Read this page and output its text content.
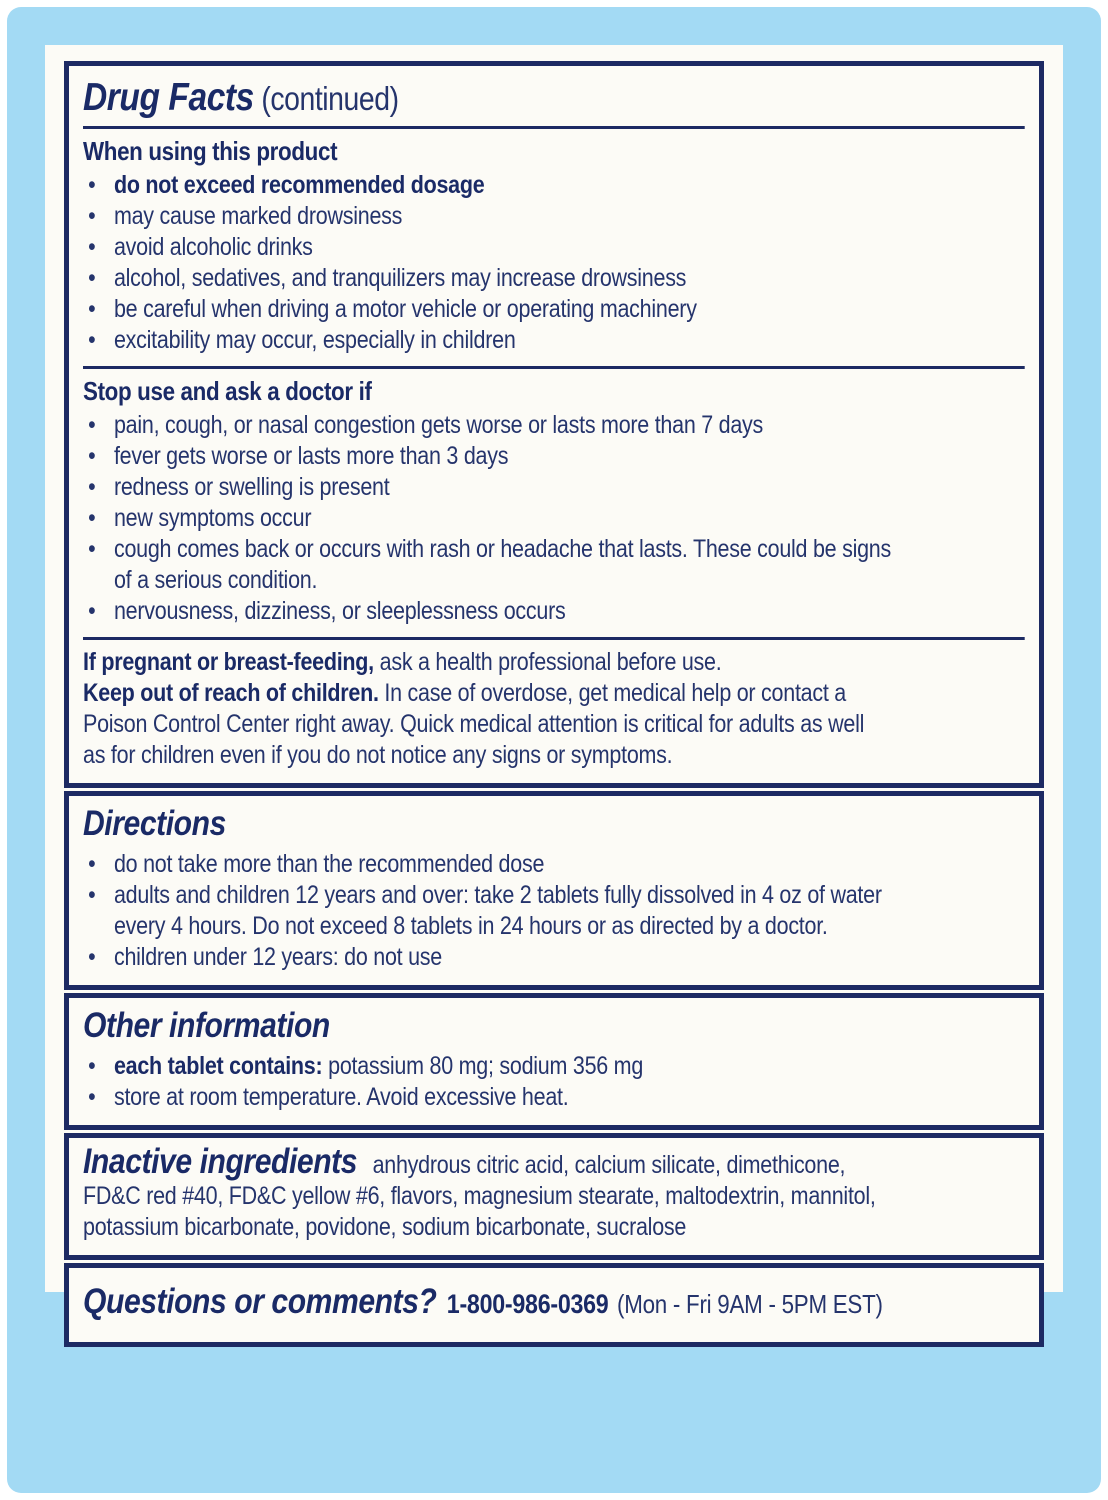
Drug Facts (continued)
When using this product
• do not exceed recommended dosage
• may cause marked drowsiness
• avoid alcoholic drinks
• alcohol, sedatives, and tranquilizers may increase drowsiness
• be careful when driving a motor vehicle or operating machinery
• excitability may occur, especially in children
Stop use and ask a doctor if
• pain, cough, or nasal congestion gets worse or lasts more than 7 days
• fever gets worse or lasts more than 3 days
• redness or swelling is present
• new symptoms occur
• cough comes back or occurs with rash or headache that lasts. These could be signs
of a serious condition.
• nervousness, dizziness, or sleeplessness occurs
If pregnant or breast-feeding, ask a health professional before use.
Keep out of reach of children. In case of overdose, get medical help or contact a
Poison Control Center right away. Quick medical attention is critical for adults as well
as for children even if you do not notice any signs or symptoms.
Directions
• do not take more than the recommended dose
• adults and children 12 years and over: take 2 tablets fully dissolved in 4 oz of water
every 4 hours. Do not exceed 8 tablets in 24 hours or as directed by a doctor.
• children under 12 years: do not use
Other information
• each tablet contains: potassium 80 mg; sodium 356 mg
• store at room temperature. Avoid excessive heat.
Inactive ingredients anhydrous citric acid, calcium silicate, dimethicone,
FD&C red #40, FD&C yellow #6, flavors, magnesium stearate, maltodextrin, mannitol,
potassium bicarbonate, povidone, sodium bicarbonate, sucralose
Questions or comments? 1-800-986-0369 (Mon - Fri 9AM - 5PM EST)
